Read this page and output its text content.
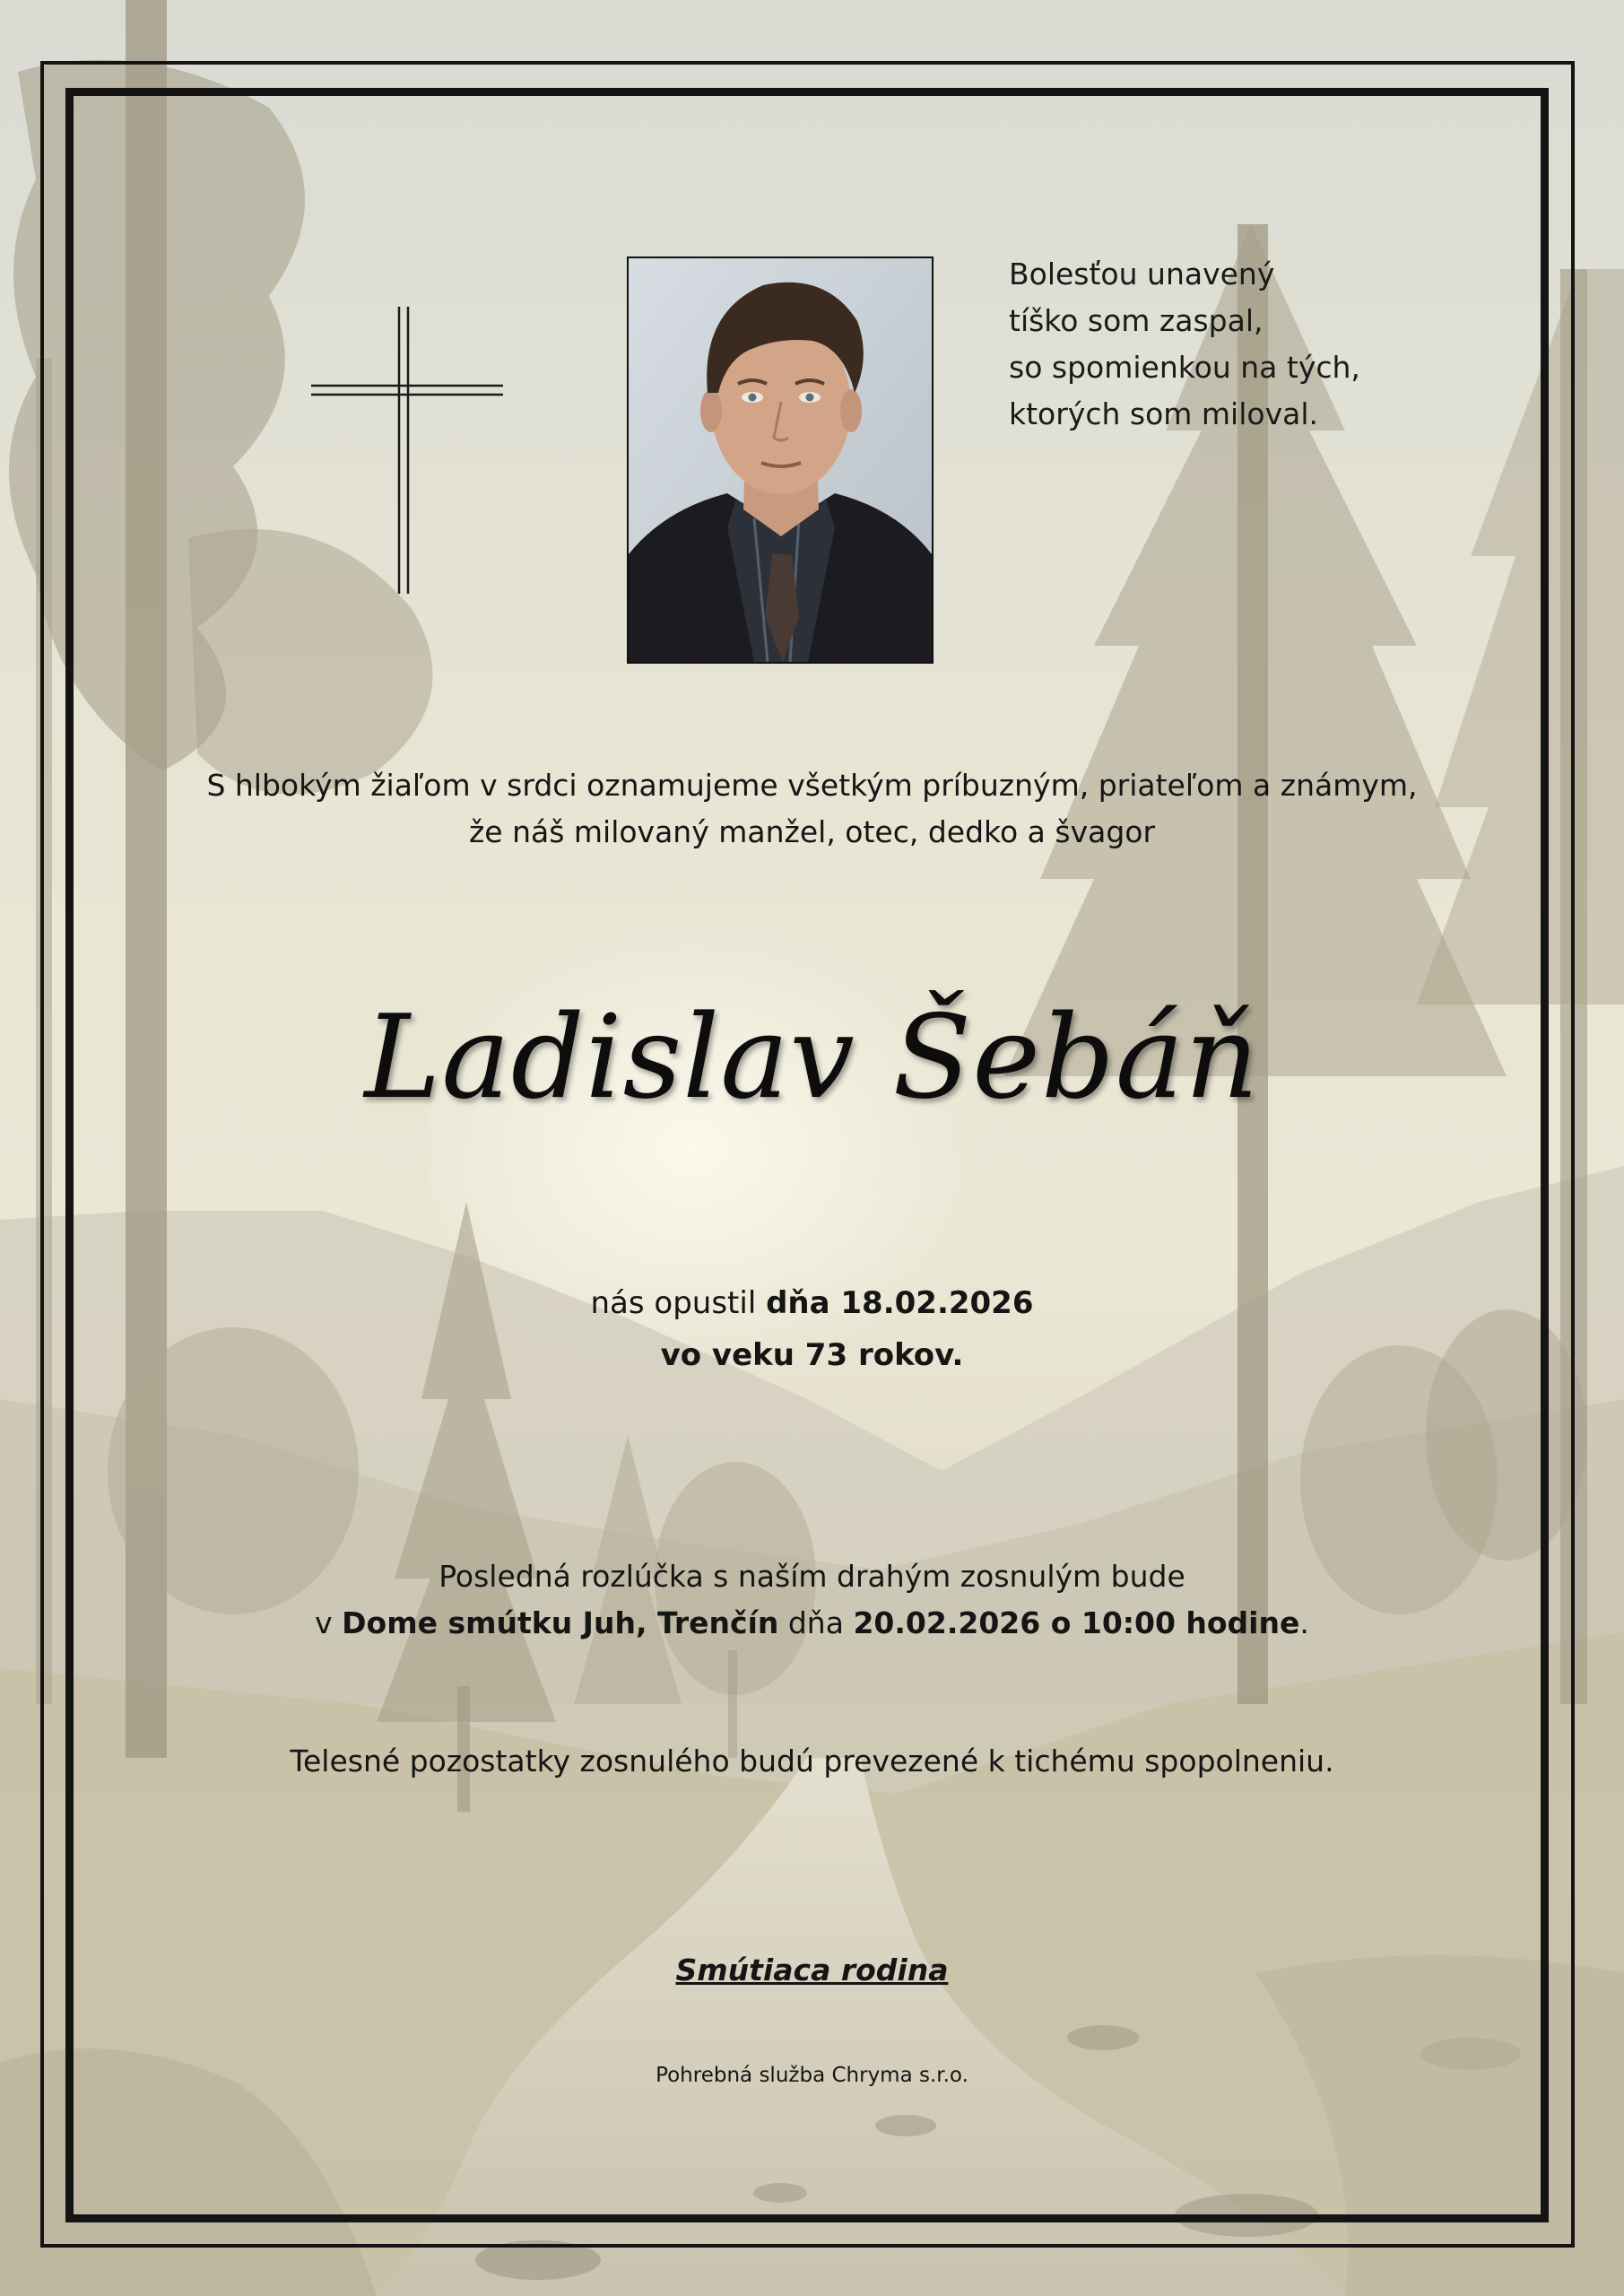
Bolesťou unavený
tíško som zaspal,
so spomienkou na tých,
ktorých som miloval.
S hlbokým žiaľom v srdci oznamujeme všetkým príbuzným, priateľom a známym,
že náš milovaný manžel, otec, dedko a švagor
Ladislav Šebáň
nás opustil dňa 18.02.2026
vo veku 73 rokov.
Posledná rozlúčka s naším drahým zosnulým bude
v Dome smútku Juh, Trenčín dňa 20.02.2026 o 10:00 hodine.
Telesné pozostatky zosnulého budú prevezené k tichému spopolneniu.
Smútiaca rodina
Pohrebná služba Chryma s.r.o.
